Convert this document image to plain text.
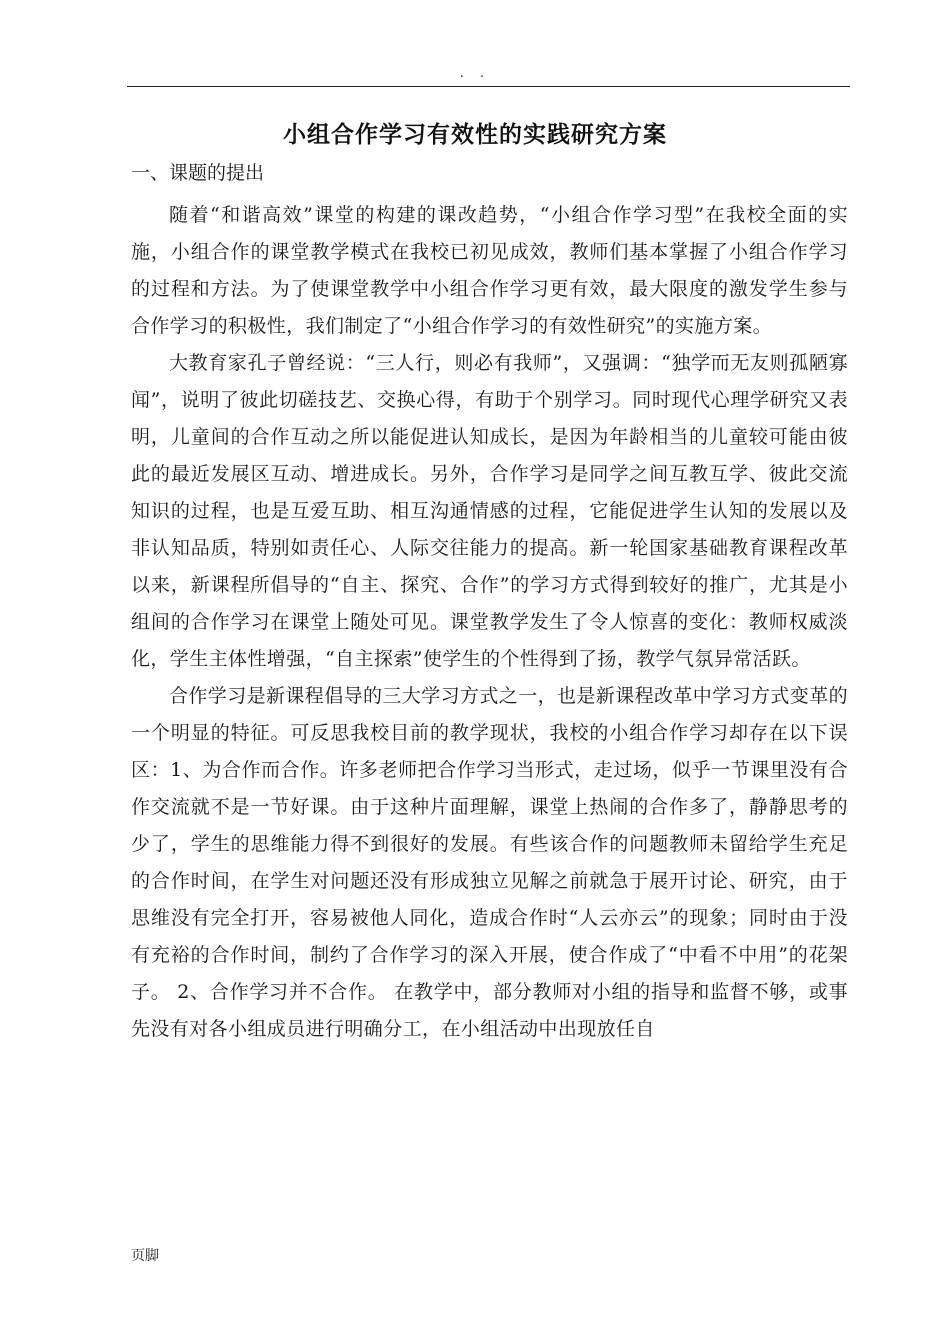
. .
小组合作学习有效性的实践研究方案
一、课题的提出

随着“和谐高效”课堂的构建的课改趋势，“小组合作学习型”在我校全面的实施，小组合作的课堂教学模式在我校已初见成效，教师们基本掌握了小组合作学习的过程和方法。为了使课堂教学中小组合作学习更有效，最大限度的激发学生参与合作学习的积极性，我们制定了“小组合作学习的有效性研究”的实施方案。

大教育家孔子曾经说：“三人行，则必有我师”，又强调：“独学而无友则孤陋寡闻”，说明了彼此切磋技艺、交换心得，有助于个别学习。同时现代心理学研究又表明，儿童间的合作互动之所以能促进认知成长，是因为年龄相当的儿童较可能由彼此的最近发展区互动、增进成长。另外，合作学习是同学之间互教互学、彼此交流知识的过程，也是互爱互助、相互沟通情感的过程，它能促进学生认知的发展以及非认知品质，特别如责任心、人际交往能力的提高。新一轮国家基础教育课程改革以来，新课程所倡导的“自主、探究、合作”的学习方式得到较好的推广，尤其是小组间的合作学习在课堂上随处可见。课堂教学发生了令人惊喜的变化：教师权威淡化，学生主体性增强，“自主探索”使学生的个性得到了扬，教学气氛异常活跃。

合作学习是新课程倡导的三大学习方式之一，也是新课程改革中学习方式变革的一个明显的特征。可反思我校目前的教学现状，我校的小组合作学习却存在以下误区：1、为合作而合作。许多老师把合作学习当形式，走过场，似乎一节课里没有合作交流就不是一节好课。由于这种片面理解，课堂上热闹的合作多了，静静思考的少了，学生的思维能力得不到很好的发展。有些该合作的问题教师未留给学生充足的合作时间，在学生对问题还没有形成独立见解之前就急于展开讨论、研究，由于思维没有完全打开，容易被他人同化，造成合作时“人云亦云”的现象；同时由于没有充裕的合作时间，制约了合作学习的深入开展，使合作成了“中看不中用”的花架子。 2、合作学习并不合作。 在教学中，部分教师对小组的指导和监督不够，或事先没有对各小组成员进行明确分工，在小组活动中出现放任自

页脚
